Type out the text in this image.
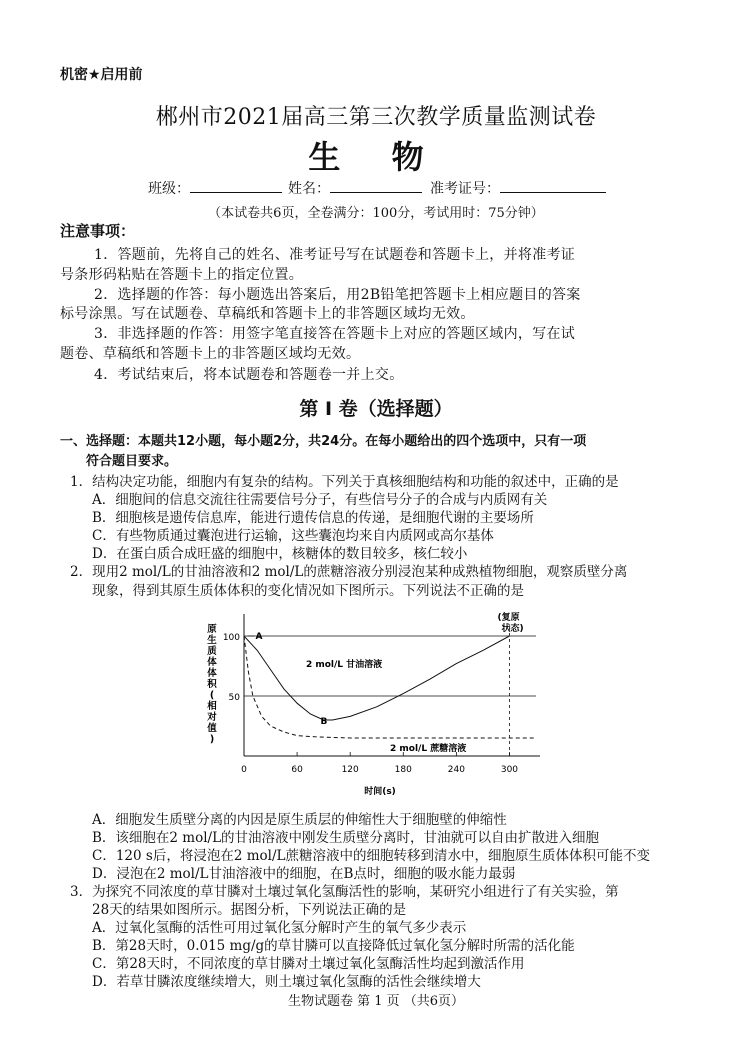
机密★启用前
郴州市2021届高三第三次教学质量监测试卷
生 物
班级：	姓名：	准考证号：
（本试卷共6页，全卷满分：100分，考试用时：75分钟）
注意事项：
1．答题前，先将自己的姓名、准考证号写在试题卷和答题卡上，并将准考证
号条形码粘贴在答题卡上的指定位置。
2．选择题的作答：每小题选出答案后，用2B铅笔把答题卡上相应题目的答案
标号涂黑。写在试题卷、草稿纸和答题卡上的非答题区域均无效。
3．非选择题的作答：用签字笔直接答在答题卡上对应的答题区域内，写在试
题卷、草稿纸和答题卡上的非答题区域均无效。
4．考试结束后，将本试题卷和答题卷一并上交。
第 I 卷（选择题）
一、选择题：本题共12小题，每小题2分，共24分。在每小题给出的四个选项中，只有一项
符合题目要求。
1．结构决定功能，细胞内有复杂的结构。下列关于真核细胞结构和功能的叙述中，正确的是
A．细胞间的信息交流往往需要信号分子，有些信号分子的合成与内质网有关
B．细胞核是遗传信息库，能进行遗传信息的传递，是细胞代谢的主要场所
C．有些物质通过囊泡进行运输，这些囊泡均来自内质网或高尔基体
D．在蛋白质合成旺盛的细胞中，核糖体的数目较多，核仁较小
2．现用2 mol/L的甘油溶液和2 mol/L的蔗糖溶液分别浸泡某种成熟植物细胞，观察质壁分离
现象，得到其原生质体体积的变化情况如下图所示。下列说法不正确的是
50
100
0	60	120	180	240	300
时间(s)
原
生
质
体
体
积
(
相
对
值
)
2 mol/L 甘油溶液
2 mol/L 蔗糖溶液
A
B
(复原
状态)
A．细胞发生质壁分离的内因是原生质层的伸缩性大于细胞壁的伸缩性
B．该细胞在2 mol/L的甘油溶液中刚发生质壁分离时，甘油就可以自由扩散进入细胞
C．120 s后，将浸泡在2 mol/L蔗糖溶液中的细胞转移到清水中，细胞原生质体体积可能不变
D．浸泡在2 mol/L甘油溶液中的细胞，在B点时，细胞的吸水能力最弱
3．为探究不同浓度的草甘膦对土壤过氧化氢酶活性的影响，某研究小组进行了有关实验，第
28天的结果如图所示。据图分析，下列说法正确的是
A．过氧化氢酶的活性可用过氧化氢分解时产生的氧气多少表示
B．第28天时，0.015 mg/g的草甘膦可以直接降低过氧化氢分解时所需的活化能
C．第28天时，不同浓度的草甘膦对土壤过氧化氢酶活性均起到激活作用
D．若草甘膦浓度继续增大，则土壤过氧化氢酶的活性会继续增大
生物试题卷 第 1 页 （共6页）
